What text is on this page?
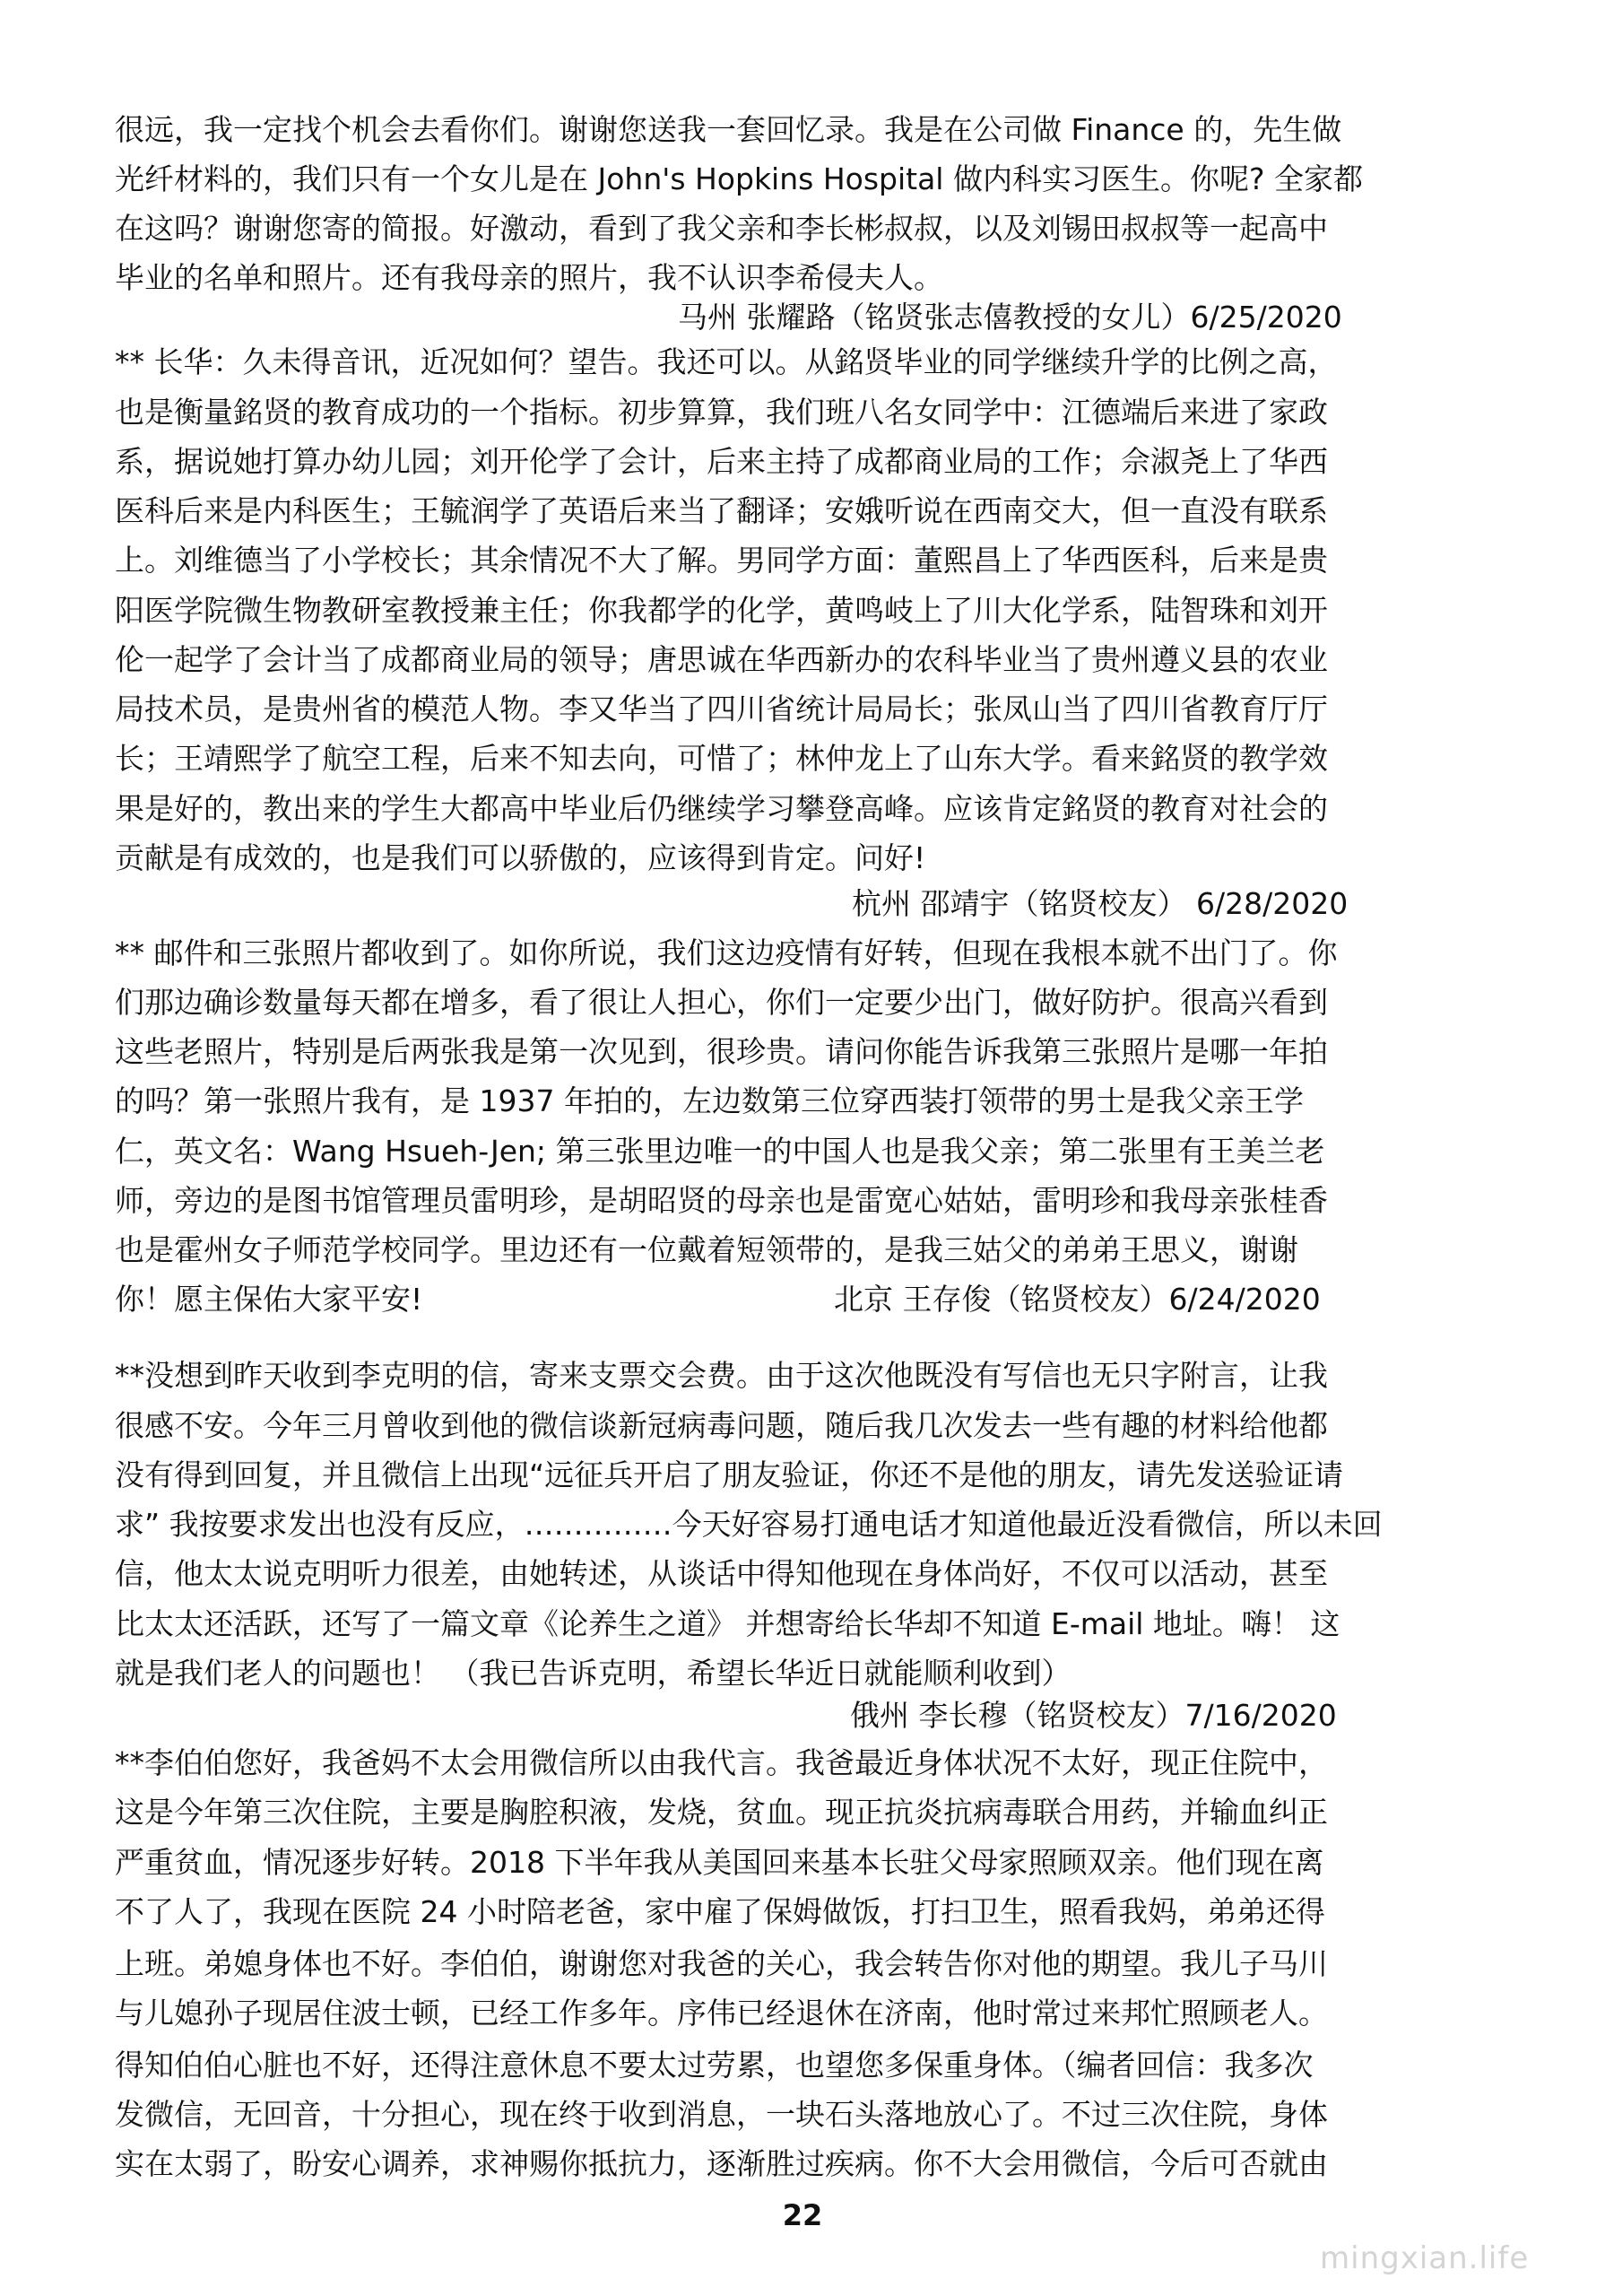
很远，我一定找个机会去看你们。谢谢您送我一套回忆录。我是在公司做 Finance 的，先生做
光纤材料的，我们只有一个女儿是在 John's Hopkins Hospital 做内科实习医生。你呢? 全家都
在这吗？谢谢您寄的简报。好激动，看到了我父亲和李长彬叔叔，以及刘锡田叔叔等一起高中
毕业的名单和照片。还有我母亲的照片，我不认识李希侵夫人。
马州 张耀路（铭贤张志僖教授的女儿）6/25/2020
** 长华：久未得音讯，近况如何？望告。我还可以。从銘贤毕业的同学继续升学的比例之高，
也是衡量銘贤的教育成功的一个指标。初步算算，我们班八名女同学中：江德端后来进了家政
系，据说她打算办幼儿园；刘开伦学了会计，后来主持了成都商业局的工作；佘淑尧上了华西
医科后来是内科医生；王毓润学了英语后来当了翻译；安娥听说在西南交大，但一直没有联系
上。刘维德当了小学校长；其余情况不大了解。男同学方面：董熙昌上了华西医科，后来是贵
阳医学院微生物教研室教授兼主任；你我都学的化学，黄鸣岐上了川大化学系，陆智珠和刘开
伦一起学了会计当了成都商业局的领导；唐思诚在华西新办的农科毕业当了贵州遵义县的农业
局技术员，是贵州省的模范人物。李又华当了四川省统计局局长；张凤山当了四川省教育厅厅
长；王靖熙学了航空工程，后来不知去向，可惜了；林仲龙上了山东大学。看来銘贤的教学效
果是好的，教出来的学生大都高中毕业后仍继续学习攀登高峰。应该肯定銘贤的教育对社会的
贡献是有成效的，也是我们可以骄傲的，应该得到肯定。问好!
杭州 邵靖宇（铭贤校友） 6/28/2020
** 邮件和三张照片都收到了。如你所说，我们这边疫情有好转，但现在我根本就不出门了。你
们那边确诊数量每天都在增多，看了很让人担心，你们一定要少出门，做好防护。很高兴看到
这些老照片，特别是后两张我是第一次见到，很珍贵。请问你能告诉我第三张照片是哪一年拍
的吗？第一张照片我有，是 1937 年拍的，左边数第三位穿西装打领带的男士是我父亲王学
仁，英文名：Wang Hsueh-Jen; 第三张里边唯一的中国人也是我父亲；第二张里有王美兰老
师，旁边的是图书馆管理员雷明珍，是胡昭贤的母亲也是雷宽心姑姑，雷明珍和我母亲张桂香
也是霍州女子师范学校同学。里边还有一位戴着短领带的，是我三姑父的弟弟王思义，谢谢
你！愿主保佑大家平安!	北京 王存俊（铭贤校友）6/24/2020
**没想到昨天收到李克明的信，寄来支票交会费。由于这次他既没有写信也无只字附言，让我
很感不安。今年三月曾收到他的微信谈新冠病毒问题，随后我几次发去一些有趣的材料给他都
没有得到回复，并且微信上出现“远征兵开启了朋友验证，你还不是他的朋友，请先发送验证请
求” 我按要求发出也没有反应，……………今天好容易打通电话才知道他最近没看微信，所以未回
信，他太太说克明听力很差，由她转述，从谈话中得知他现在身体尚好，不仅可以活动，甚至
比太太还活跃，还写了一篇文章《论养生之道》 并想寄给长华却不知道 E-mail 地址。嗨！ 这
就是我们老人的问题也！ （我已告诉克明，希望长华近日就能顺利收到）
俄州 李长穆（铭贤校友）7/16/2020
**李伯伯您好，我爸妈不太会用微信所以由我代言。我爸最近身体状况不太好，现正住院中，
这是今年第三次住院，主要是胸腔积液，发烧，贫血。现正抗炎抗病毒联合用药，并输血纠正
严重贫血，情况逐步好转。2018 下半年我从美国回来基本长驻父母家照顾双亲。他们现在离
不了人了，我现在医院 24 小时陪老爸，家中雇了保姆做饭，打扫卫生，照看我妈，弟弟还得
上班。弟媳身体也不好。李伯伯，谢谢您对我爸的关心，我会转告你对他的期望。我儿子马川
与儿媳孙子现居住波士顿，已经工作多年。序伟已经退休在济南，他时常过来邦忙照顾老人。
得知伯伯心脏也不好，还得注意休息不要太过劳累，也望您多保重身体。（编者回信：我多次
发微信，无回音，十分担心，现在终于收到消息，一块石头落地放心了。不过三次住院，身体
实在太弱了，盼安心调养，求神赐你抵抗力，逐渐胜过疾病。你不大会用微信，今后可否就由
22
mingxian.life
